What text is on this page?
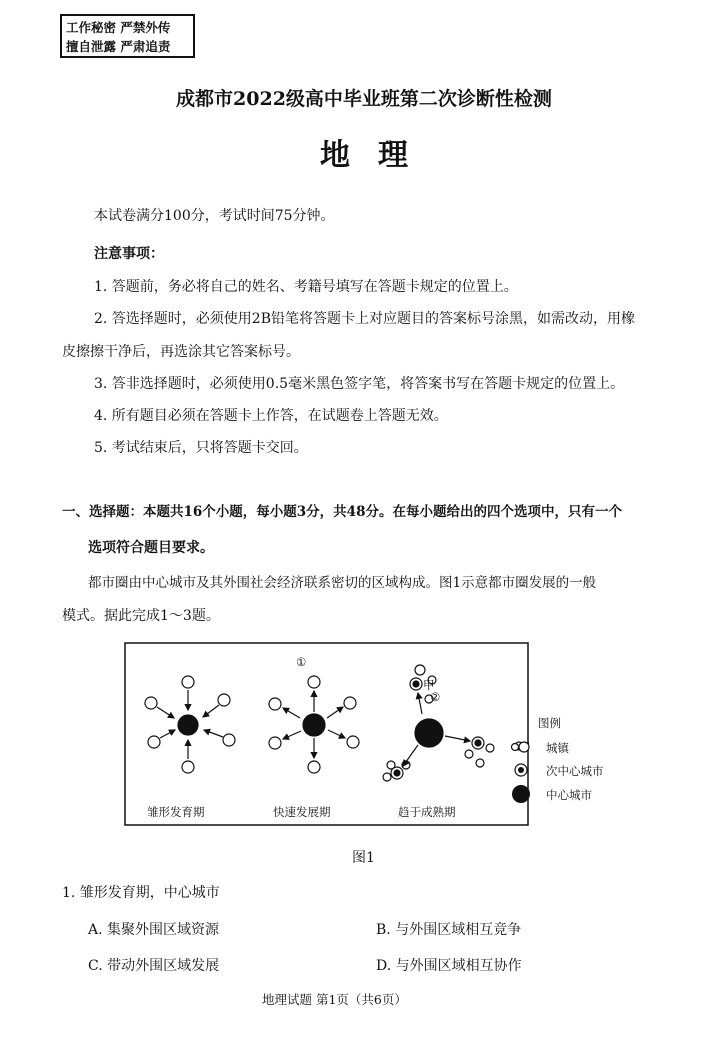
工作秘密 严禁外传
擅自泄露 严肃追责
成都市2022级高中毕业班第二次诊断性检测
地理
本试卷满分100分，考试时间75分钟。
注意事项：
1. 答题前，务必将自己的姓名、考籍号填写在答题卡规定的位置上。
2. 答选择题时，必须使用2B铅笔将答题卡上对应题目的答案标号涂黑，如需改动，用橡
皮擦擦干净后，再选涂其它答案标号。
3. 答非选择题时，必须使用0.5毫米黑色签字笔，将答案书写在答题卡规定的位置上。
4. 所有题目必须在答题卡上作答，在试题卷上答题无效。
5. 考试结束后，只将答题卡交回。
一、选择题：本题共16个小题，每小题3分，共48分。在每小题给出的四个选项中，只有一个
选项符合题目要求。
都市圈由中心城市及其外围社会经济联系密切的区域构成。图1示意都市圈发展的一般
模式。据此完成1～3题。
①
甲
②
图例
城镇
次中心城市
中心城市
雏形发育期	快速发展期	趋于成熟期
图1
1. 雏形发育期，中心城市
A. 集聚外围区域资源	B. 与外围区域相互竞争
C. 带动外围区域发展	D. 与外围区域相互协作
地理试题 第1页（共6页）
